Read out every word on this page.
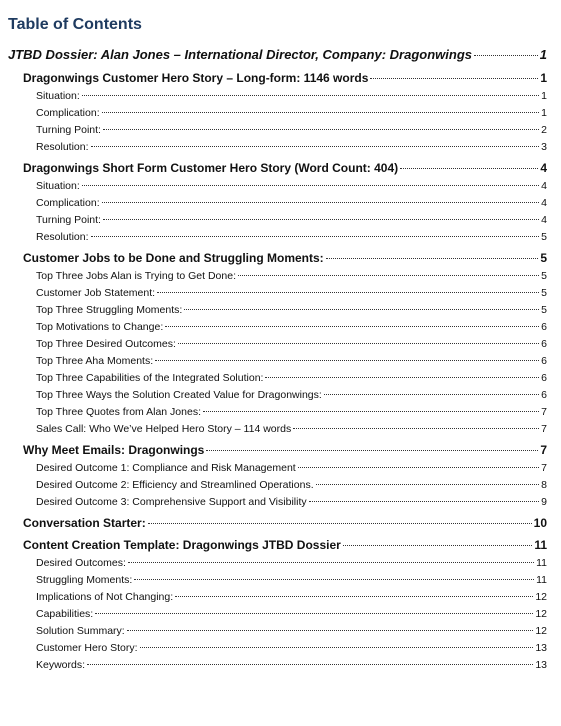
Table of Contents
JTBD Dossier: Alan Jones – International Director, Company: Dragonwings	1
Dragonwings Customer Hero Story – Long-form: 1146 words	1
Situation:	1
Complication:	1
Turning Point:	2
Resolution:	3
Dragonwings Short Form Customer Hero Story (Word Count: 404)	4
Situation:	4
Complication:	4
Turning Point:	4
Resolution:	5
Customer Jobs to be Done and Struggling Moments:	5
Top Three Jobs Alan is Trying to Get Done:	5
Customer Job Statement:	5
Top Three Struggling Moments:	5
Top Motivations to Change:	6
Top Three Desired Outcomes:	6
Top Three Aha Moments:	6
Top Three Capabilities of the Integrated Solution:	6
Top Three Ways the Solution Created Value for Dragonwings:	6
Top Three Quotes from Alan Jones:	7
Sales Call: Who We’ve Helped Hero Story – 114 words	7
Why Meet Emails: Dragonwings	7
Desired Outcome 1: Compliance and Risk Management	7
Desired Outcome 2: Efficiency and Streamlined Operations.	8
Desired Outcome 3: Comprehensive Support and Visibility	9
Conversation Starter:	10
Content Creation Template: Dragonwings JTBD Dossier	11
Desired Outcomes:	11
Struggling Moments:	11
Implications of Not Changing:	12
Capabilities:	12
Solution Summary:	12
Customer Hero Story:	13
Keywords:	13
